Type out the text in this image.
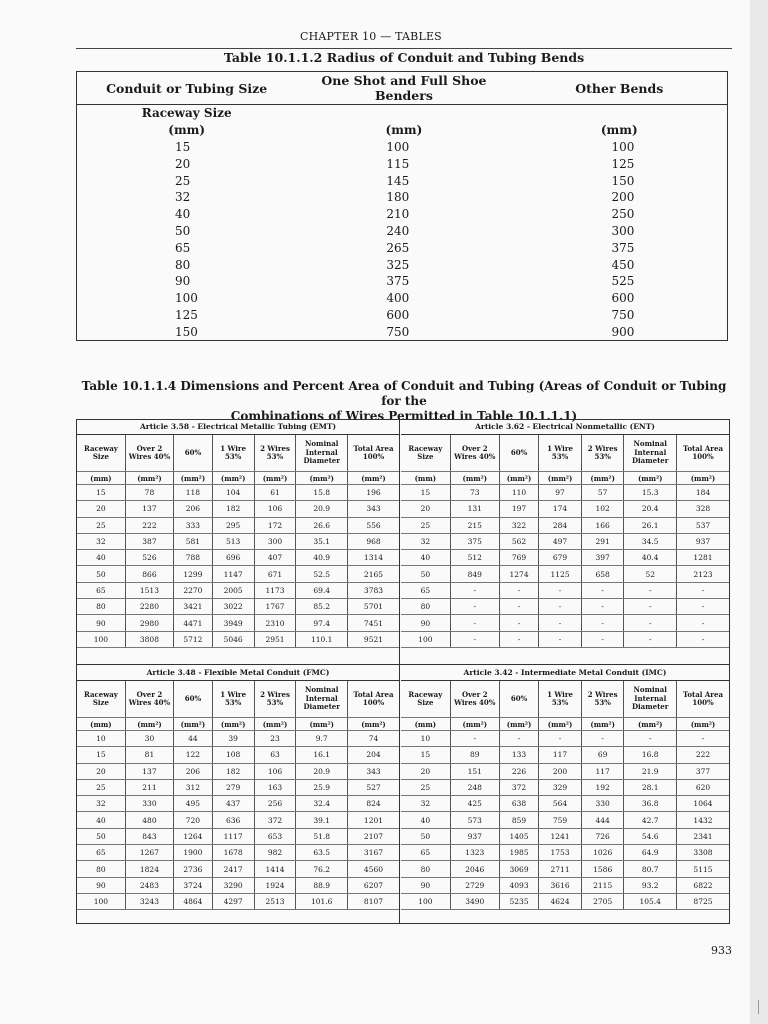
CHAPTER 10 — TABLES
Table 10.1.1.2 Radius of Conduit and Tubing Bends
Conduit or Tubing Size	One Shot and Full Shoe Benders	Other Bends
Raceway Size		
(mm)	(mm)	(mm)
15	100	100
20	115	125
25	145	150
32	180	200
40	210	250
50	240	300
65	265	375
80	325	450
90	375	525
100	400	600
125	600	750
150	750	900
Table 10.1.1.4 Dimensions and Percent Area of Conduit and Tubing (Areas of Conduit or Tubing for the
Combinations of Wires Permitted in Table 10.1.1.1)
Article 3.58 - Electrical Metallic Tubing (EMT)
Raceway Size	Over 2 Wires 40%	60%	1 Wire 53%	2 Wires 53%	Nominal Internal Diameter	Total Area 100%
(mm)	(mm²)	(mm²)	(mm²)	(mm²)	(mm²)	(mm²)
15	78	118	104	61	15.8	196
20	137	206	182	106	20.9	343
25	222	333	295	172	26.6	556
32	387	581	513	300	35.1	968
40	526	788	696	407	40.9	1314
50	866	1299	1147	671	52.5	2165
65	1513	2270	2005	1173	69.4	3783
80	2280	3421	3022	1767	85.2	5701
90	2980	4471	3949	2310	97.4	7451
100	3808	5712	5046	2951	110.1	9521
Article 3.62 - Electrical Nonmetallic (ENT)
Raceway Size	Over 2 Wires 40%	60%	1 Wire 53%	2 Wires 53%	Nominal Internal Diameter	Total Area 100%
(mm)	(mm²)	(mm²)	(mm²)	(mm²)	(mm²)	(mm²)
15	73	110	97	57	15.3	184
20	131	197	174	102	20.4	328
25	215	322	284	166	26.1	537
32	375	562	497	291	34.5	937
40	512	769	679	397	40.4	1281
50	849	1274	1125	658	52	2123
65	-	-	-	-	-	-
80	-	-	-	-	-	-
90	-	-	-	-	-	-
100	-	-	-	-	-	-
Article 3.48 - Flexible Metal Conduit (FMC)
Raceway Size	Over 2 Wires 40%	60%	1 Wire 53%	2 Wires 53%	Nominal Internal Diameter	Total Area 100%
(mm)	(mm²)	(mm²)	(mm²)	(mm²)	(mm²)	(mm²)
10	30	44	39	23	9.7	74
15	81	122	108	63	16.1	204
20	137	206	182	106	20.9	343
25	211	312	279	163	25.9	527
32	330	495	437	256	32.4	824
40	480	720	636	372	39.1	1201
50	843	1264	1117	653	51.8	2107
65	1267	1900	1678	982	63.5	3167
80	1824	2736	2417	1414	76.2	4560
90	2483	3724	3290	1924	88.9	6207
100	3243	4864	4297	2513	101.6	8107
Article 3.42 - Intermediate Metal Conduit (IMC)
Raceway Size	Over 2 Wires 40%	60%	1 Wire 53%	2 Wires 53%	Nominal Internal Diameter	Total Area 100%
(mm)	(mm²)	(mm²)	(mm²)	(mm²)	(mm²)	(mm²)
10	-	-	-	-	-	-
15	89	133	117	69	16.8	222
20	151	226	200	117	21.9	377
25	248	372	329	192	28.1	620
32	425	638	564	330	36.8	1064
40	573	859	759	444	42.7	1432
50	937	1405	1241	726	54.6	2341
65	1323	1985	1753	1026	64.9	3308
80	2046	3069	2711	1586	80.7	5115
90	2729	4093	3616	2115	93.2	6822
100	3490	5235	4624	2705	105.4	8725
933
